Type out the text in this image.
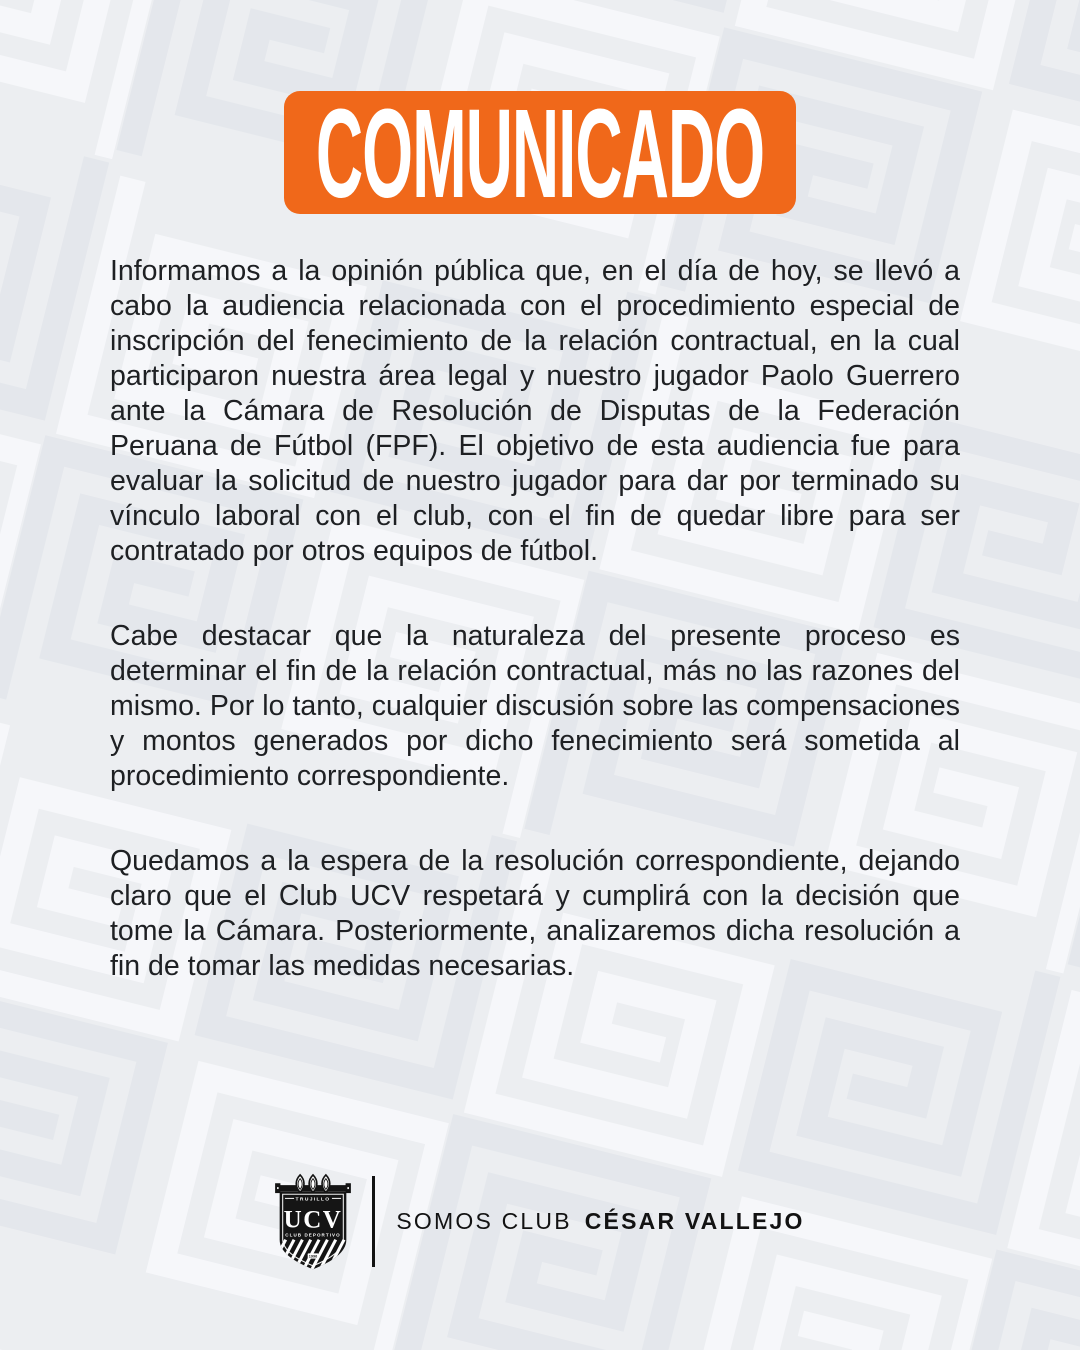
COMUNICADO

Informamos a la opinión pública que, en el día de hoy, se llevó a cabo la audiencia relacionada con el procedimiento especial de inscripción del fenecimiento de la relación contractual, en la cual participaron nuestra área legal y nuestro jugador Paolo Guerrero ante la Cámara de Resolución de Disputas de la Federación Peruana de Fútbol (FPF). El objetivo de esta audiencia fue para evaluar la solicitud de nuestro jugador para dar por terminado su vínculo laboral con el club, con el fin de quedar libre para ser contratado por otros equipos de fútbol.

Cabe destacar que la naturaleza del presente proceso es determinar el fin de la relación contractual, más no las razones del mismo. Por lo tanto, cualquier discusión sobre las compensaciones y montos generados por dicho fenecimiento será sometida al procedimiento correspondiente.

Quedamos a la espera de la resolución correspondiente, dejando claro que el Club UCV respetará y cumplirá con la decisión que tome la Cámara. Posteriormente, analizaremos dicha resolución a fin de tomar las medidas necesarias.

TRUJILLO
UCV
CLUB DEPORTIVO
1996

SOMOS CLUB CÉSAR VALLEJO
